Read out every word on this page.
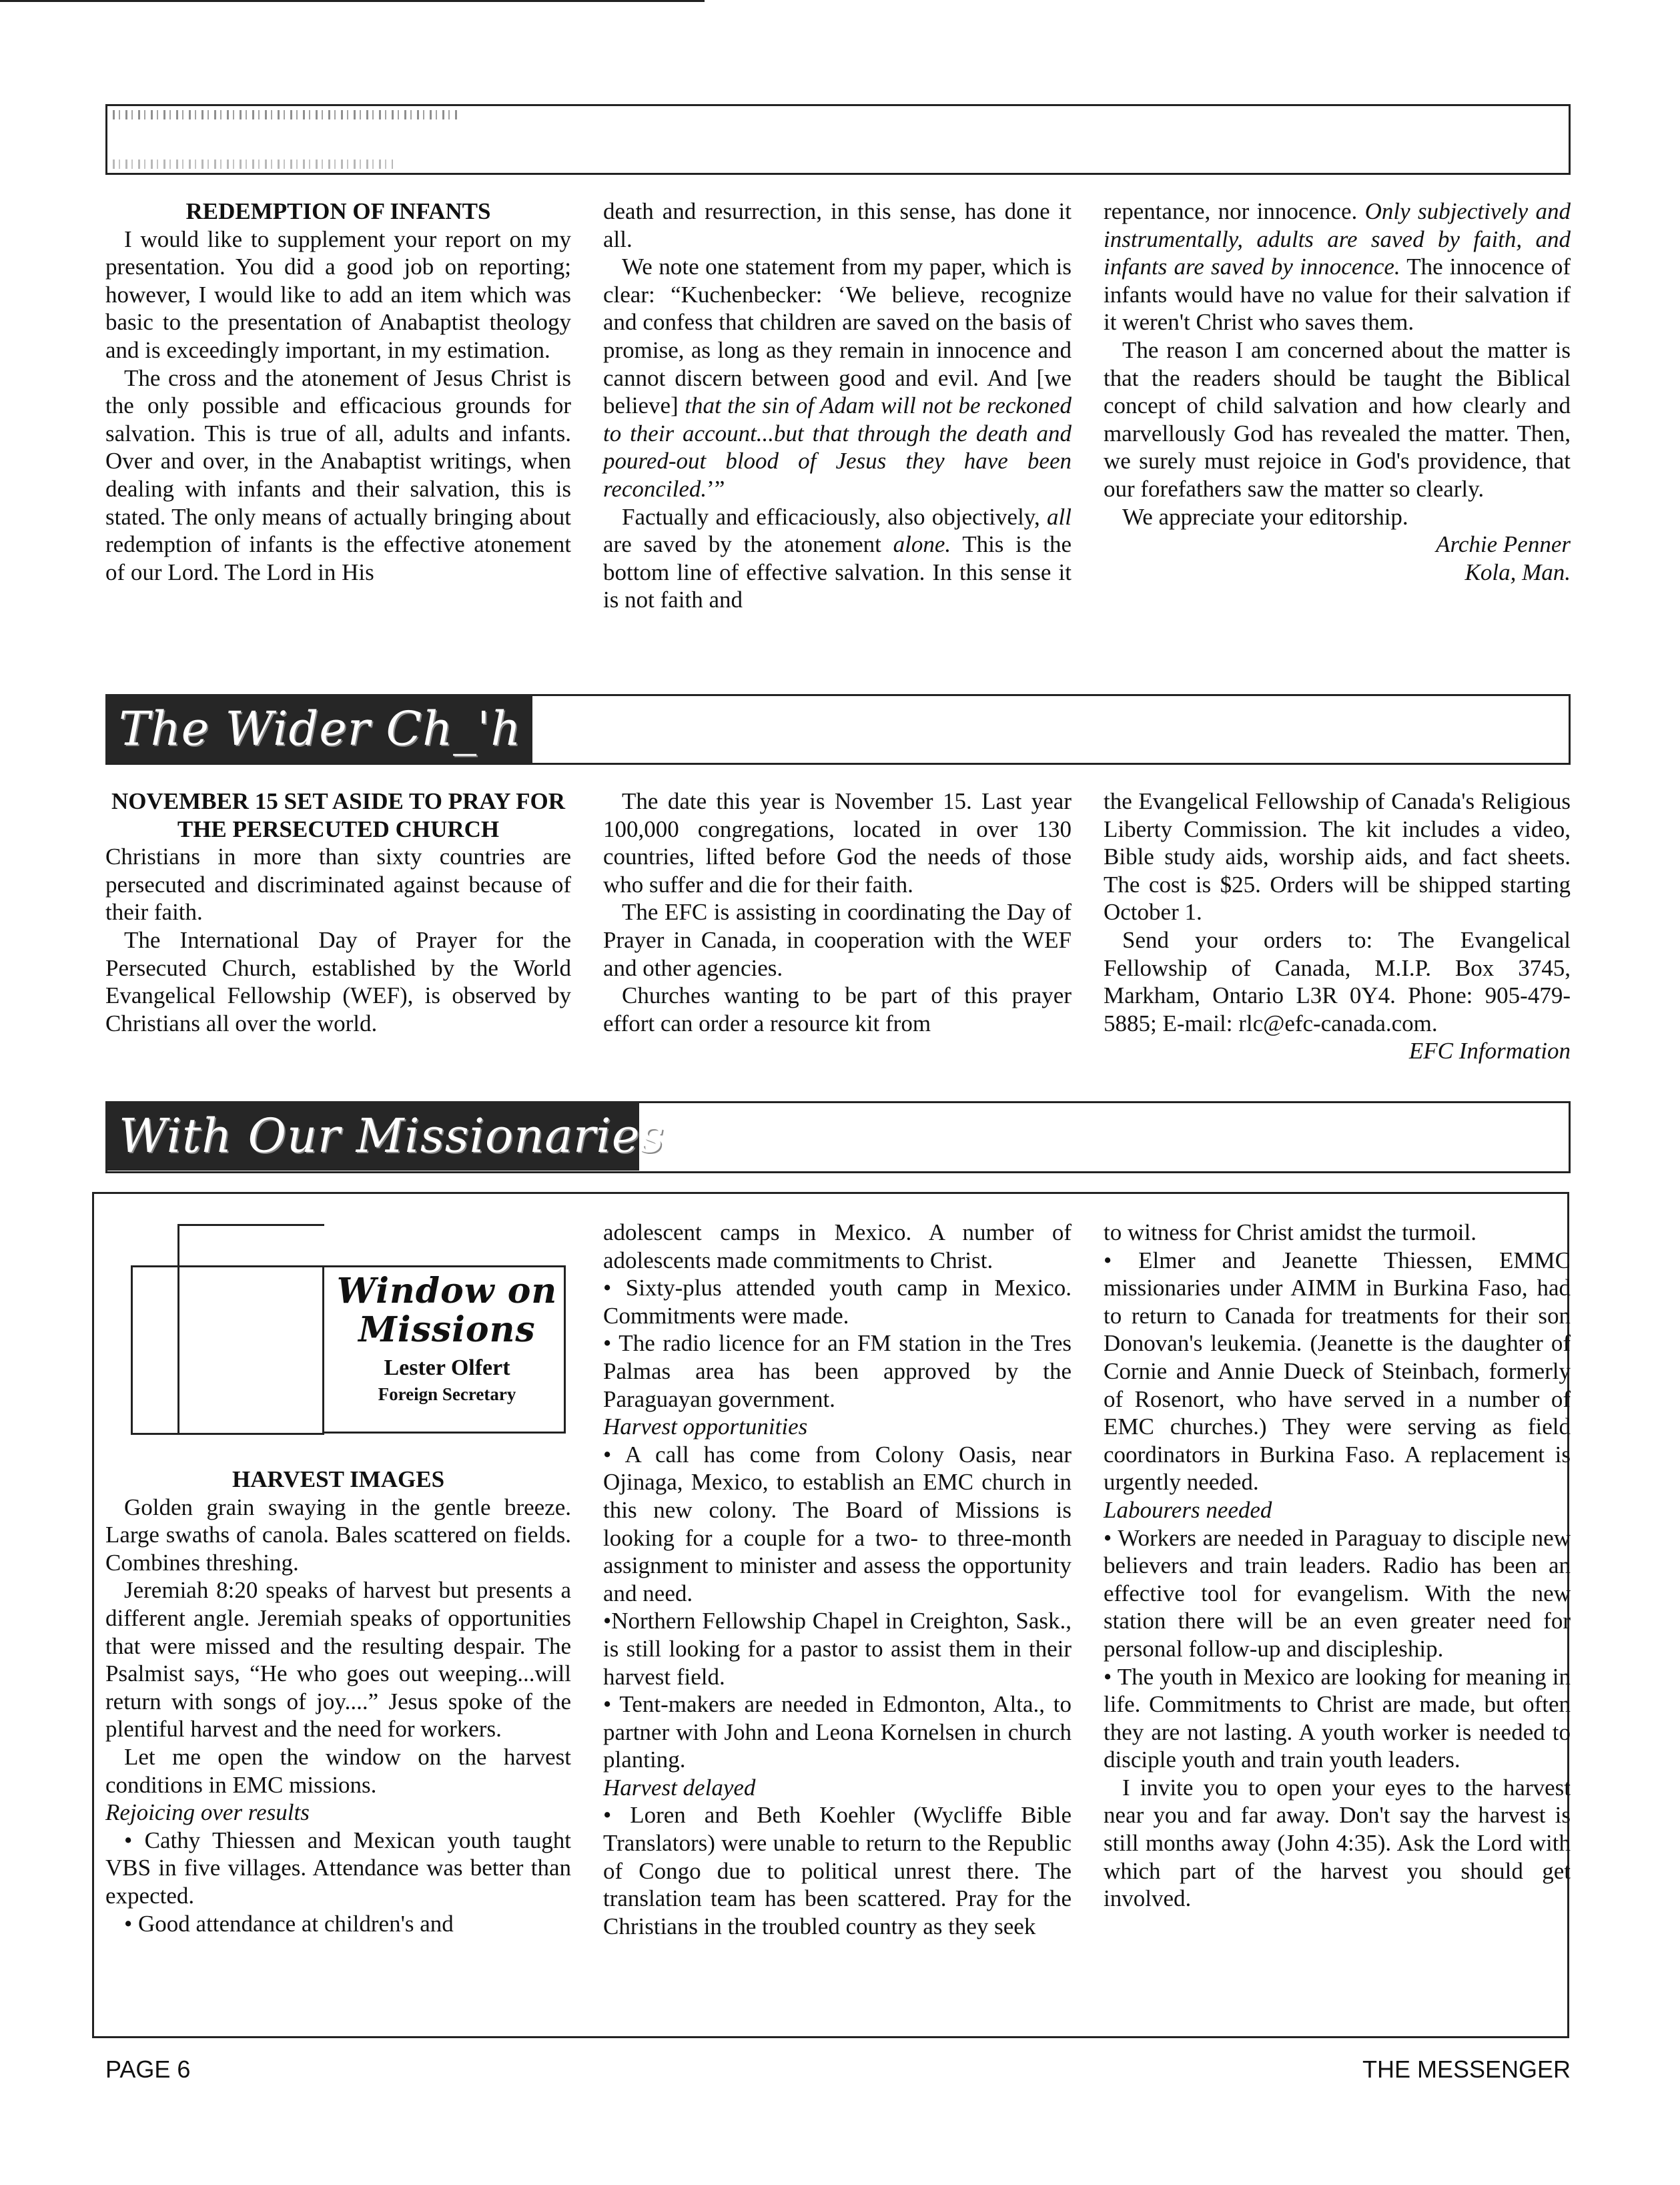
REDEMPTION OF INFANTS

I would like to supplement your report on my presentation. You did a good job on reporting; however, I would like to add an item which was basic to the presentation of Anabaptist theology and is exceedingly important, in my estimation.

The cross and the atonement of Jesus Christ is the only possible and efficacious grounds for salvation. This is true of all, adults and infants. Over and over, in the Anabaptist writings, when dealing with infants and their salvation, this is stated. The only means of actually bringing about redemption of infants is the effective atonement of our Lord. The Lord in His

death and resurrection, in this sense, has done it all.

We note one statement from my paper, which is clear: “Kuchenbecker: ‘We believe, recognize and confess that children are saved on the basis of promise, as long as they remain in innocence and cannot discern between good and evil. And [we believe] that the sin of Adam will not be reckoned to their account...but that through the death and poured-out blood of Jesus they have been reconciled.’”

Factually and efficaciously, also objectively, all are saved by the atonement alone. This is the bottom line of effective salvation. In this sense it is not faith and

repentance, nor innocence. Only subjectively and instrumentally, adults are saved by faith, and infants are saved by innocence. The innocence of infants would have no value for their salvation if it weren't Christ who saves them.

The reason I am concerned about the matter is that the readers should be taught the Biblical concept of child salvation and how clearly and marvellously God has revealed the matter. Then, we surely must rejoice in God's providence, that our forefathers saw the matter so clearly.

We appreciate your editorship.

Archie Penner

Kola, Man.

The Wider Ch_'h

NOVEMBER 15 SET ASIDE TO PRAY FOR THE PERSECUTED CHURCH

Christians in more than sixty countries are persecuted and discriminated against because of their faith.

The International Day of Prayer for the Persecuted Church, established by the World Evangelical Fellowship (WEF), is observed by Christians all over the world.

The date this year is November 15. Last year 100,000 congregations, located in over 130 countries, lifted before God the needs of those who suffer and die for their faith.

The EFC is assisting in coordinating the Day of Prayer in Canada, in cooperation with the WEF and other agencies.

Churches wanting to be part of this prayer effort can order a resource kit from

the Evangelical Fellowship of Canada's Religious Liberty Commission. The kit includes a video, Bible study aids, worship aids, and fact sheets. The cost is $25. Orders will be shipped starting October 1.

Send your orders to: The Evangelical Fellowship of Canada, M.I.P. Box 3745, Markham, Ontario L3R 0Y4. Phone: 905-479-5885; E-mail: rlc@efc-canada.com.

EFC Information

With Our Missionaries
Window on
Missions
Lester Olfert
Foreign Secretary

HARVEST IMAGES

Golden grain swaying in the gentle breeze. Large swaths of canola. Bales scattered on fields. Combines threshing.

Jeremiah 8:20 speaks of harvest but presents a different angle. Jeremiah speaks of opportunities that were missed and the resulting despair. The Psalmist says, “He who goes out weeping...will return with songs of joy....” Jesus spoke of the plentiful harvest and the need for workers.

Let me open the window on the harvest conditions in EMC missions.

Rejoicing over results

• Cathy Thiessen and Mexican youth taught VBS in five villages. Attendance was better than expected.

• Good attendance at children's and

adolescent camps in Mexico. A number of adolescents made commitments to Christ.

• Sixty-plus attended youth camp in Mexico. Commitments were made.

• The radio licence for an FM station in the Tres Palmas area has been approved by the Paraguayan government.

Harvest opportunities

• A call has come from Colony Oasis, near Ojinaga, Mexico, to establish an EMC church in this new colony. The Board of Missions is looking for a couple for a two- to three-month assignment to minister and assess the opportunity and need.

•Northern Fellowship Chapel in Creighton, Sask., is still looking for a pastor to assist them in their harvest field.

• Tent-makers are needed in Edmonton, Alta., to partner with John and Leona Kornelsen in church planting.

Harvest delayed

• Loren and Beth Koehler (Wycliffe Bible Translators) were unable to return to the Republic of Congo due to political unrest there. The translation team has been scattered. Pray for the Christians in the troubled country as they seek

to witness for Christ amidst the turmoil.

• Elmer and Jeanette Thiessen, EMMC missionaries under AIMM in Burkina Faso, had to return to Canada for treatments for their son Donovan's leukemia. (Jeanette is the daughter of Cornie and Annie Dueck of Steinbach, formerly of Rosenort, who have served in a number of EMC churches.) They were serving as field coordinators in Burkina Faso. A replacement is urgently needed.

Labourers needed

• Workers are needed in Paraguay to disciple new believers and train leaders. Radio has been an effective tool for evangelism. With the new station there will be an even greater need for personal follow-up and discipleship.

• The youth in Mexico are looking for meaning in life. Commitments to Christ are made, but often they are not lasting. A youth worker is needed to disciple youth and train youth leaders.

I invite you to open your eyes to the harvest near you and far away. Don't say the harvest is still months away (John 4:35). Ask the Lord with which part of the harvest you should get involved.

PAGE 6	THE MESSENGER
